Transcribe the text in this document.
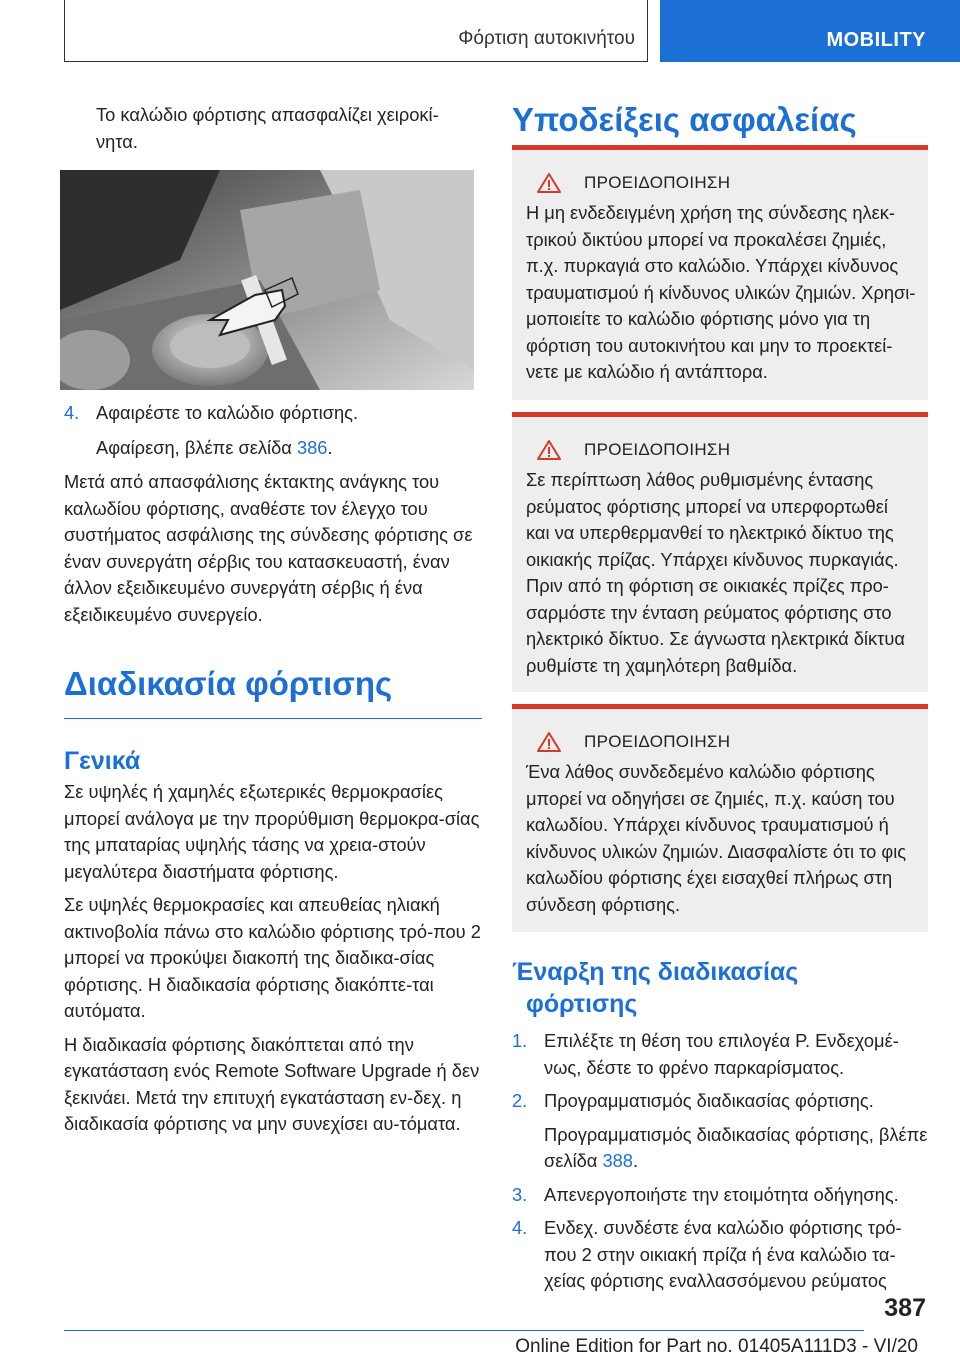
Φόρτιση αυτοκινήτου	MOBILITY

Το καλώδιο φόρτισης απασφαλίζει χειροκί-

νητα.

4. Αφαιρέστε το καλώδιο φόρτισης.

Αφαίρεση, βλέπε σελίδα 386.

Μετά από απασφάλισης έκτακτης ανάγκης του καλωδίου φόρτισης, αναθέστε τον έλεγχο του συστήματος ασφάλισης της σύνδεσης φόρτισης σε έναν συνεργάτη σέρβις του κατασκευαστή, έναν άλλον εξειδικευμένο συνεργάτη σέρβις ή ένα εξειδικευμένο συνεργείο.

Διαδικασία φόρτισης
Γενικά

Σε υψηλές ή χαμηλές εξωτερικές θερμοκρασίες μπορεί ανάλογα με την προρύθμιση θερμοκρα-σίας της μπαταρίας υψηλής τάσης να χρεια-στούν μεγαλύτερα διαστήματα φόρτισης.

Σε υψηλές θερμοκρασίες και απευθείας ηλιακή ακτινοβολία πάνω στο καλώδιο φόρτισης τρό-που 2 μπορεί να προκύψει διακοπή της διαδικα-σίας φόρτισης. Η διαδικασία φόρτισης διακόπτε-ται αυτόματα.

Η διαδικασία φόρτισης διακόπτεται από την εγκατάσταση ενός Remote Software Upgrade ή δεν ξεκινάει. Μετά την επιτυχή εγκατάσταση εν-δεχ. η διαδικασία φόρτισης να μην συνεχίσει αυ-τόματα.

Υποδείξεις ασφαλείας
ΠΡΟΕΙΔΟΠΟΙΗΣΗ

Η μη ενδεδειγμένη χρήση της σύνδεσης ηλεκ-τρικού δικτύου μπορεί να προκαλέσει ζημιές, π.χ. πυρκαγιά στο καλώδιο. Υπάρχει κίνδυνος τραυματισμού ή κίνδυνος υλικών ζημιών. Χρησι-μοποιείτε το καλώδιο φόρτισης μόνο για τη φόρτιση του αυτοκινήτου και μην το προεκτεί-νετε με καλώδιο ή αντάπτορα.

ΠΡΟΕΙΔΟΠΟΙΗΣΗ

Σε περίπτωση λάθος ρυθμισμένης έντασης ρεύματος φόρτισης μπορεί να υπερφορτωθεί και να υπερθερμανθεί το ηλεκτρικό δίκτυο της οικιακής πρίζας. Υπάρχει κίνδυνος πυρκαγιάς. Πριν από τη φόρτιση σε οικιακές πρίζες προ-σαρμόστε την ένταση ρεύματος φόρτισης στο ηλεκτρικό δίκτυο. Σε άγνωστα ηλεκτρικά δίκτυα ρυθμίστε τη χαμηλότερη βαθμίδα.

ΠΡΟΕΙΔΟΠΟΙΗΣΗ

Ένα λάθος συνδεδεμένο καλώδιο φόρτισης μπορεί να οδηγήσει σε ζημιές, π.χ. καύση του καλωδίου. Υπάρχει κίνδυνος τραυματισμού ή κίνδυνος υλικών ζημιών. Διασφαλίστε ότι το φις καλωδίου φόρτισης έχει εισαχθεί πλήρως στη σύνδεση φόρτισης.

Έναρξη της διαδικασίας
φόρτισης
1. Επιλέξτε τη θέση του επιλογέα P. Ενδεχομέ-νως, δέστε το φρένο παρκαρίσματος.
2. Προγραμματισμός διαδικασίας φόρτισης.

Προγραμματισμός διαδικασίας φόρτισης, βλέπε σελίδα 388.

3. Απενεργοποιήστε την ετοιμότητα οδήγησης.
4. Ενδεχ. συνδέστε ένα καλώδιο φόρτισης τρό-που 2 στην οικιακή πρίζα ή ένα καλώδιο τα-χείας φόρτισης εναλλασσόμενου ρεύματος
387
Online Edition for Part no. 01405A111D3 - VI/20
